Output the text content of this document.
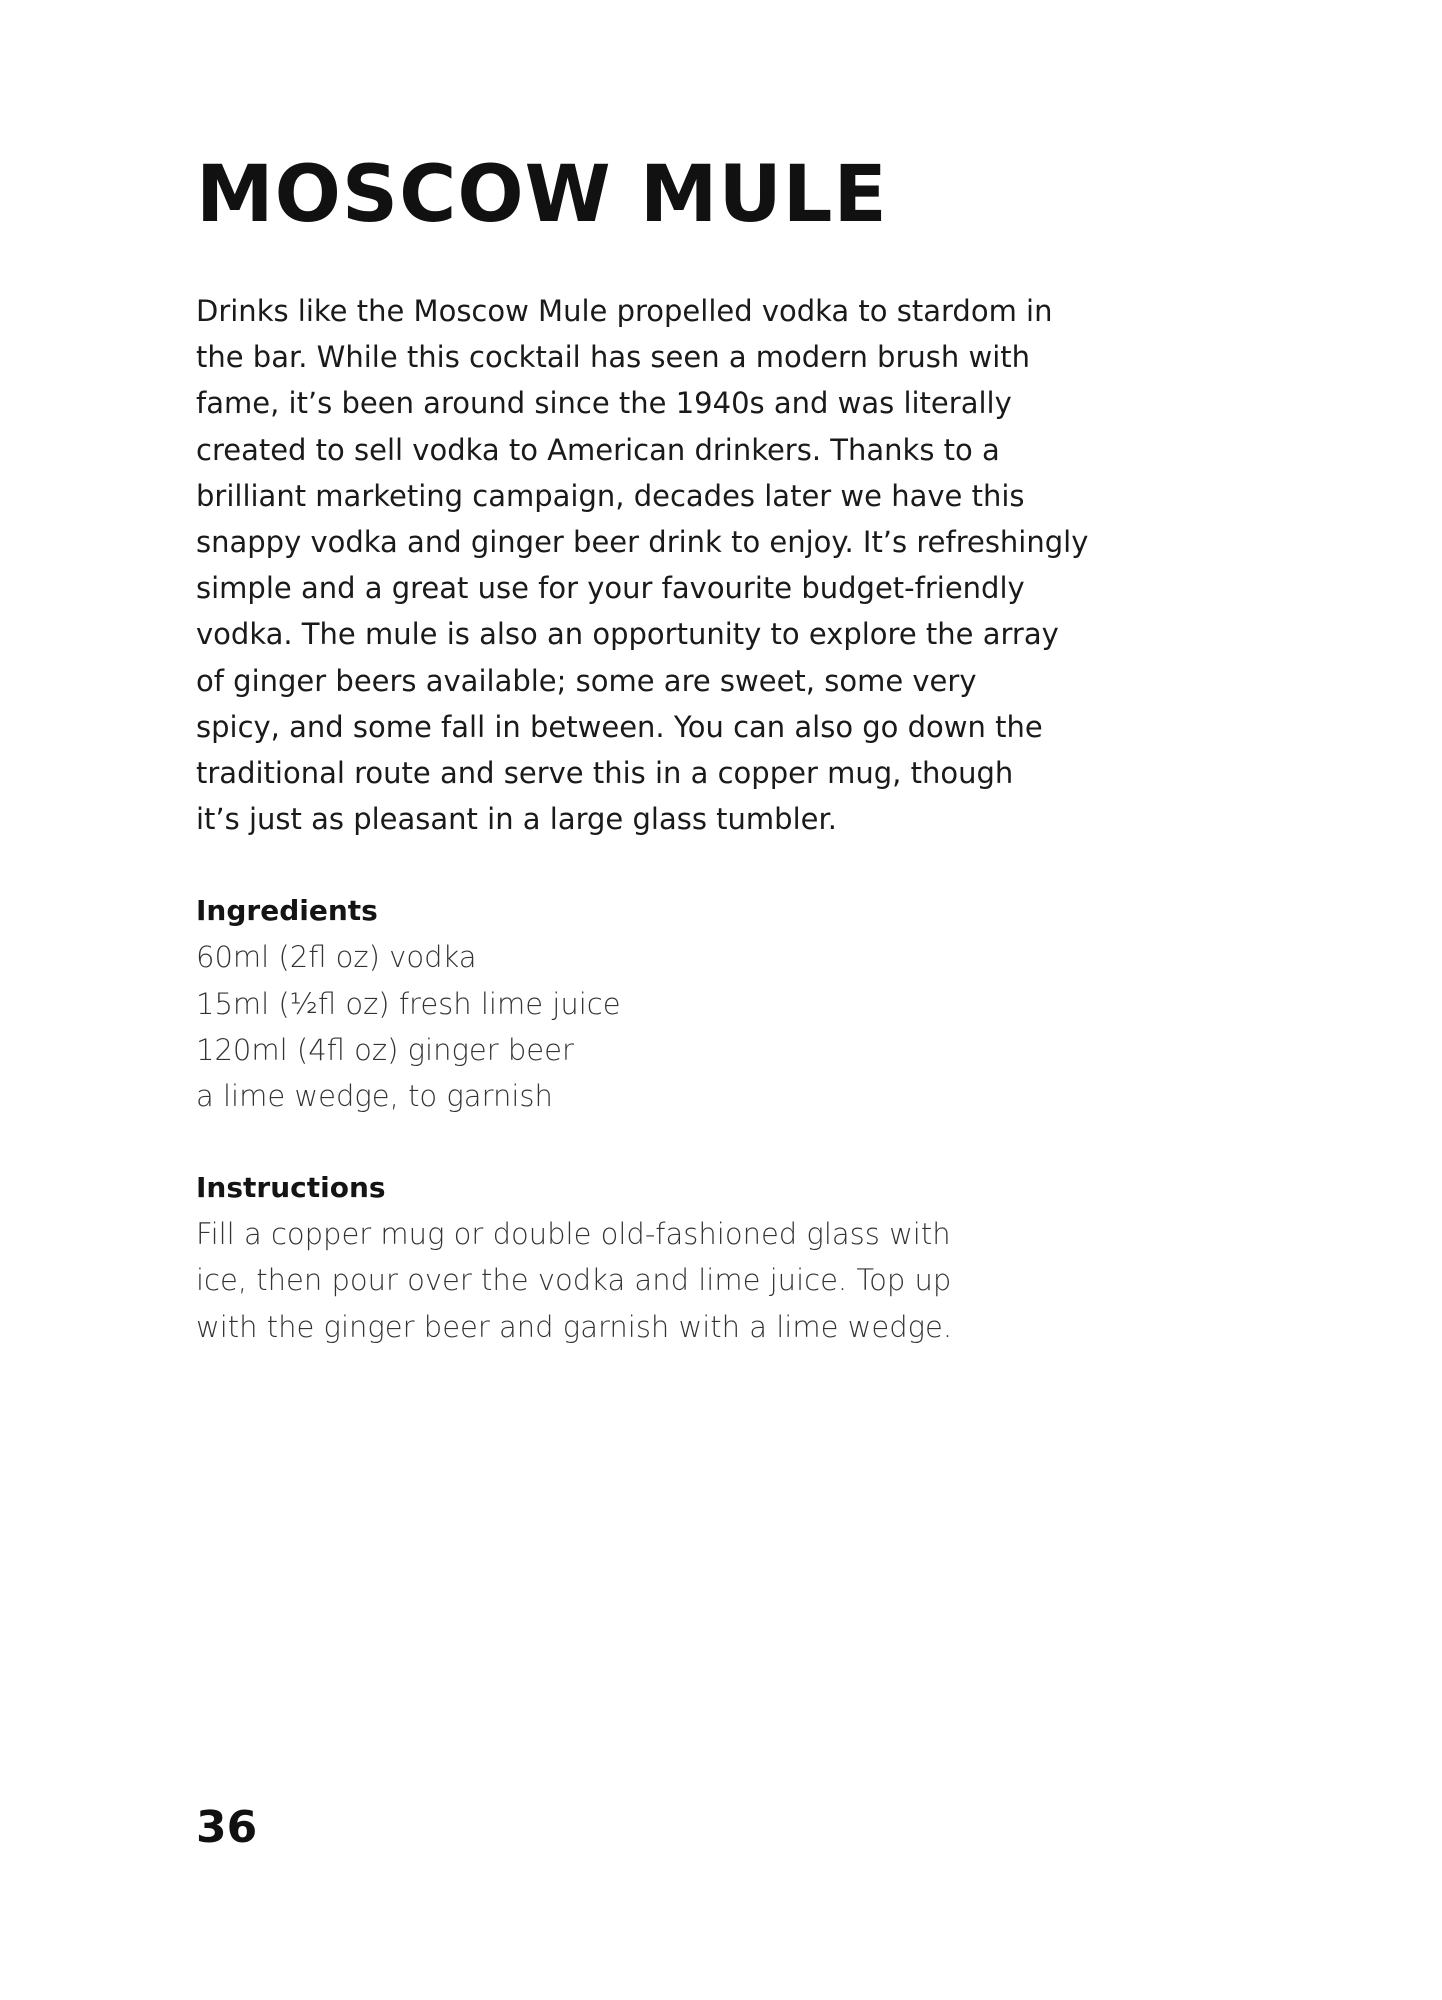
MOSCOW MULE

Drinks like the Moscow Mule propelled vodka to stardom in
the bar. While this cocktail has seen a modern brush with
fame, it’s been around since the 1940s and was literally
created to sell vodka to American drinkers. Thanks to a
brilliant marketing campaign, decades later we have this
snappy vodka and ginger beer drink to enjoy. It’s refreshingly
simple and a great use for your favourite budget-friendly
vodka. The mule is also an opportunity to explore the array
of ginger beers available; some are sweet, some very
spicy, and some fall in between. You can also go down the
traditional route and serve this in a copper mug, though
it’s just as pleasant in a large glass tumbler.

Ingredients
60ml (2fl oz) vodka
15ml (½fl oz) fresh lime juice
120ml (4fl oz) ginger beer
a lime wedge, to garnish
Instructions

Fill a copper mug or double old-fashioned glass with
ice, then pour over the vodka and lime juice. Top up
with the ginger beer and garnish with a lime wedge.

36
